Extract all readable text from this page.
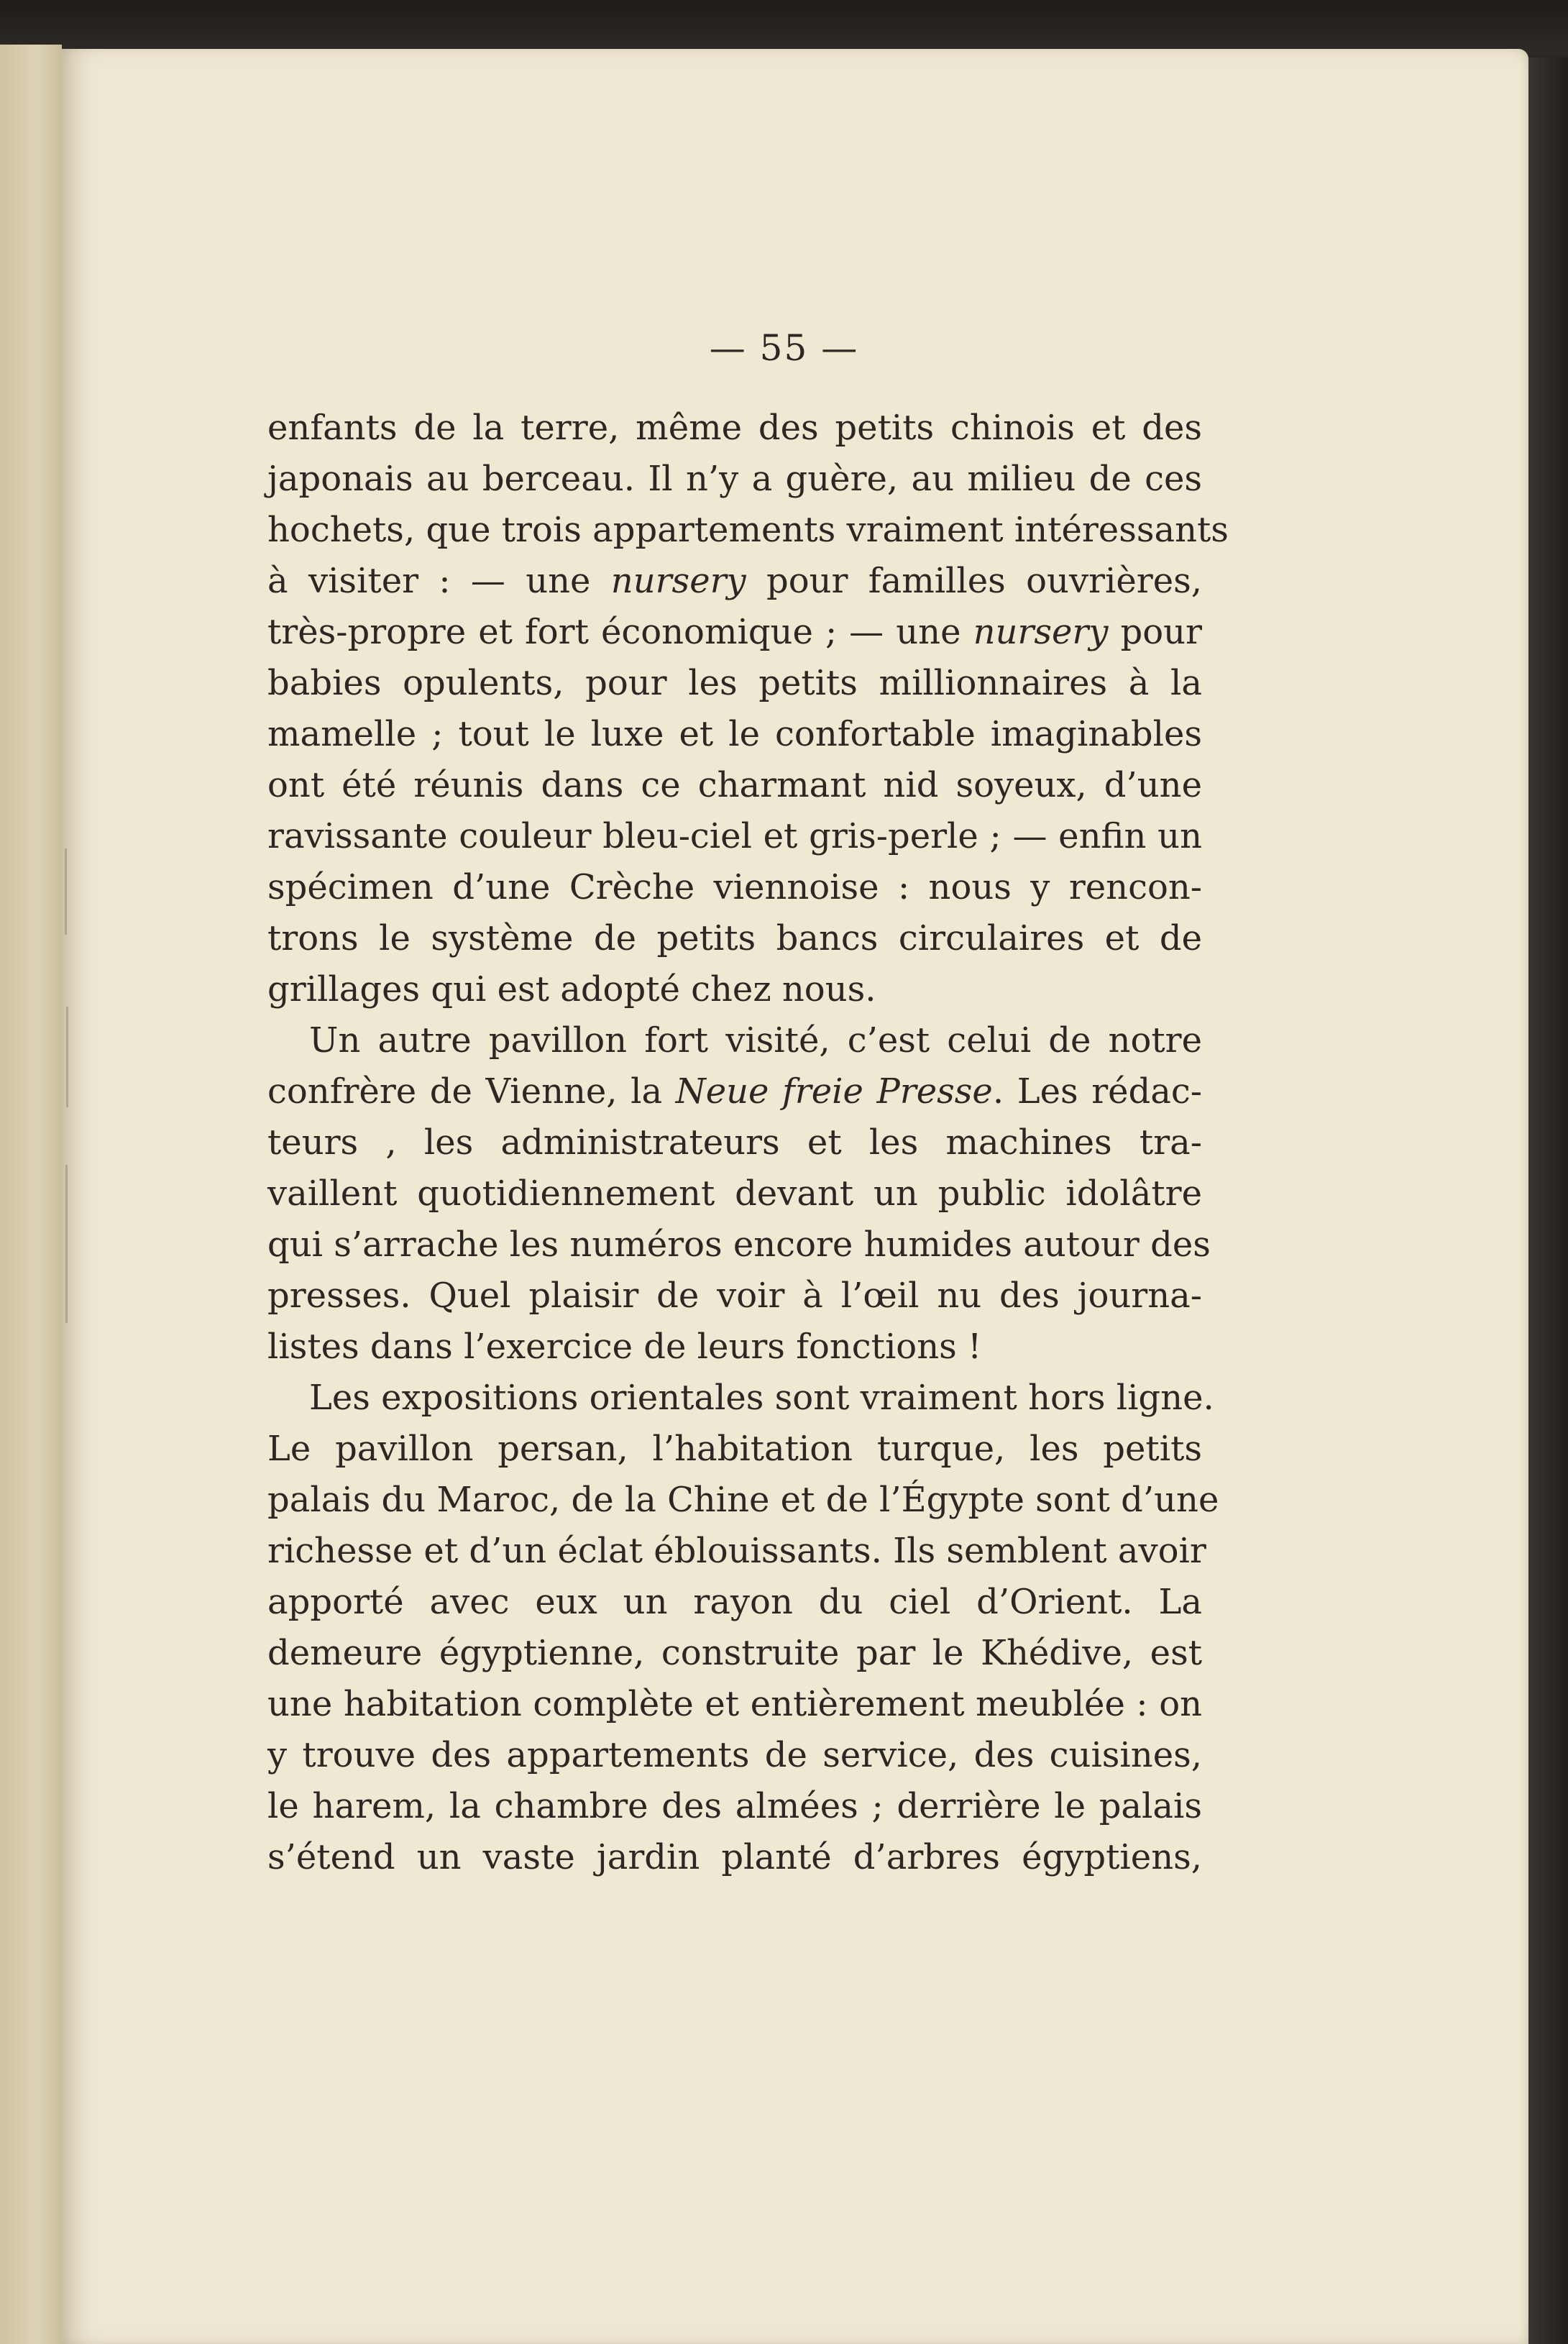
— 55 —
enfants de la terre, même des petits chinois et des
japonais au berceau. Il n’y a guère, au milieu de ces
hochets, que trois appartements vraiment intéressants
à visiter : — une nursery pour familles ouvrières,
très-propre et fort économique ; — une nursery pour
babies opulents, pour les petits millionnaires à la
mamelle ; tout le luxe et le confortable imaginables
ont été réunis dans ce charmant nid soyeux, d’une
ravissante couleur bleu-ciel et gris-perle ; — enfin un
spécimen d’une Crèche viennoise : nous y rencon-
trons le système de petits bancs circulaires et de
grillages qui est adopté chez nous.
Un autre pavillon fort visité, c’est celui de notre
confrère de Vienne, la Neue freie Presse. Les rédac-
teurs , les administrateurs et les machines tra-
vaillent quotidiennement devant un public idolâtre
qui s’arrache les numéros encore humides autour des
presses. Quel plaisir de voir à l’œil nu des journa-
listes dans l’exercice de leurs fonctions !
Les expositions orientales sont vraiment hors ligne.
Le pavillon persan, l’habitation turque, les petits
palais du Maroc, de la Chine et de l’Égypte sont d’une
richesse et d’un éclat éblouissants. Ils semblent avoir
apporté avec eux un rayon du ciel d’Orient. La
demeure égyptienne, construite par le Khédive, est
une habitation complète et entièrement meublée : on
y trouve des appartements de service, des cuisines,
le harem, la chambre des almées ; derrière le palais
s’étend un vaste jardin planté d’arbres égyptiens,
